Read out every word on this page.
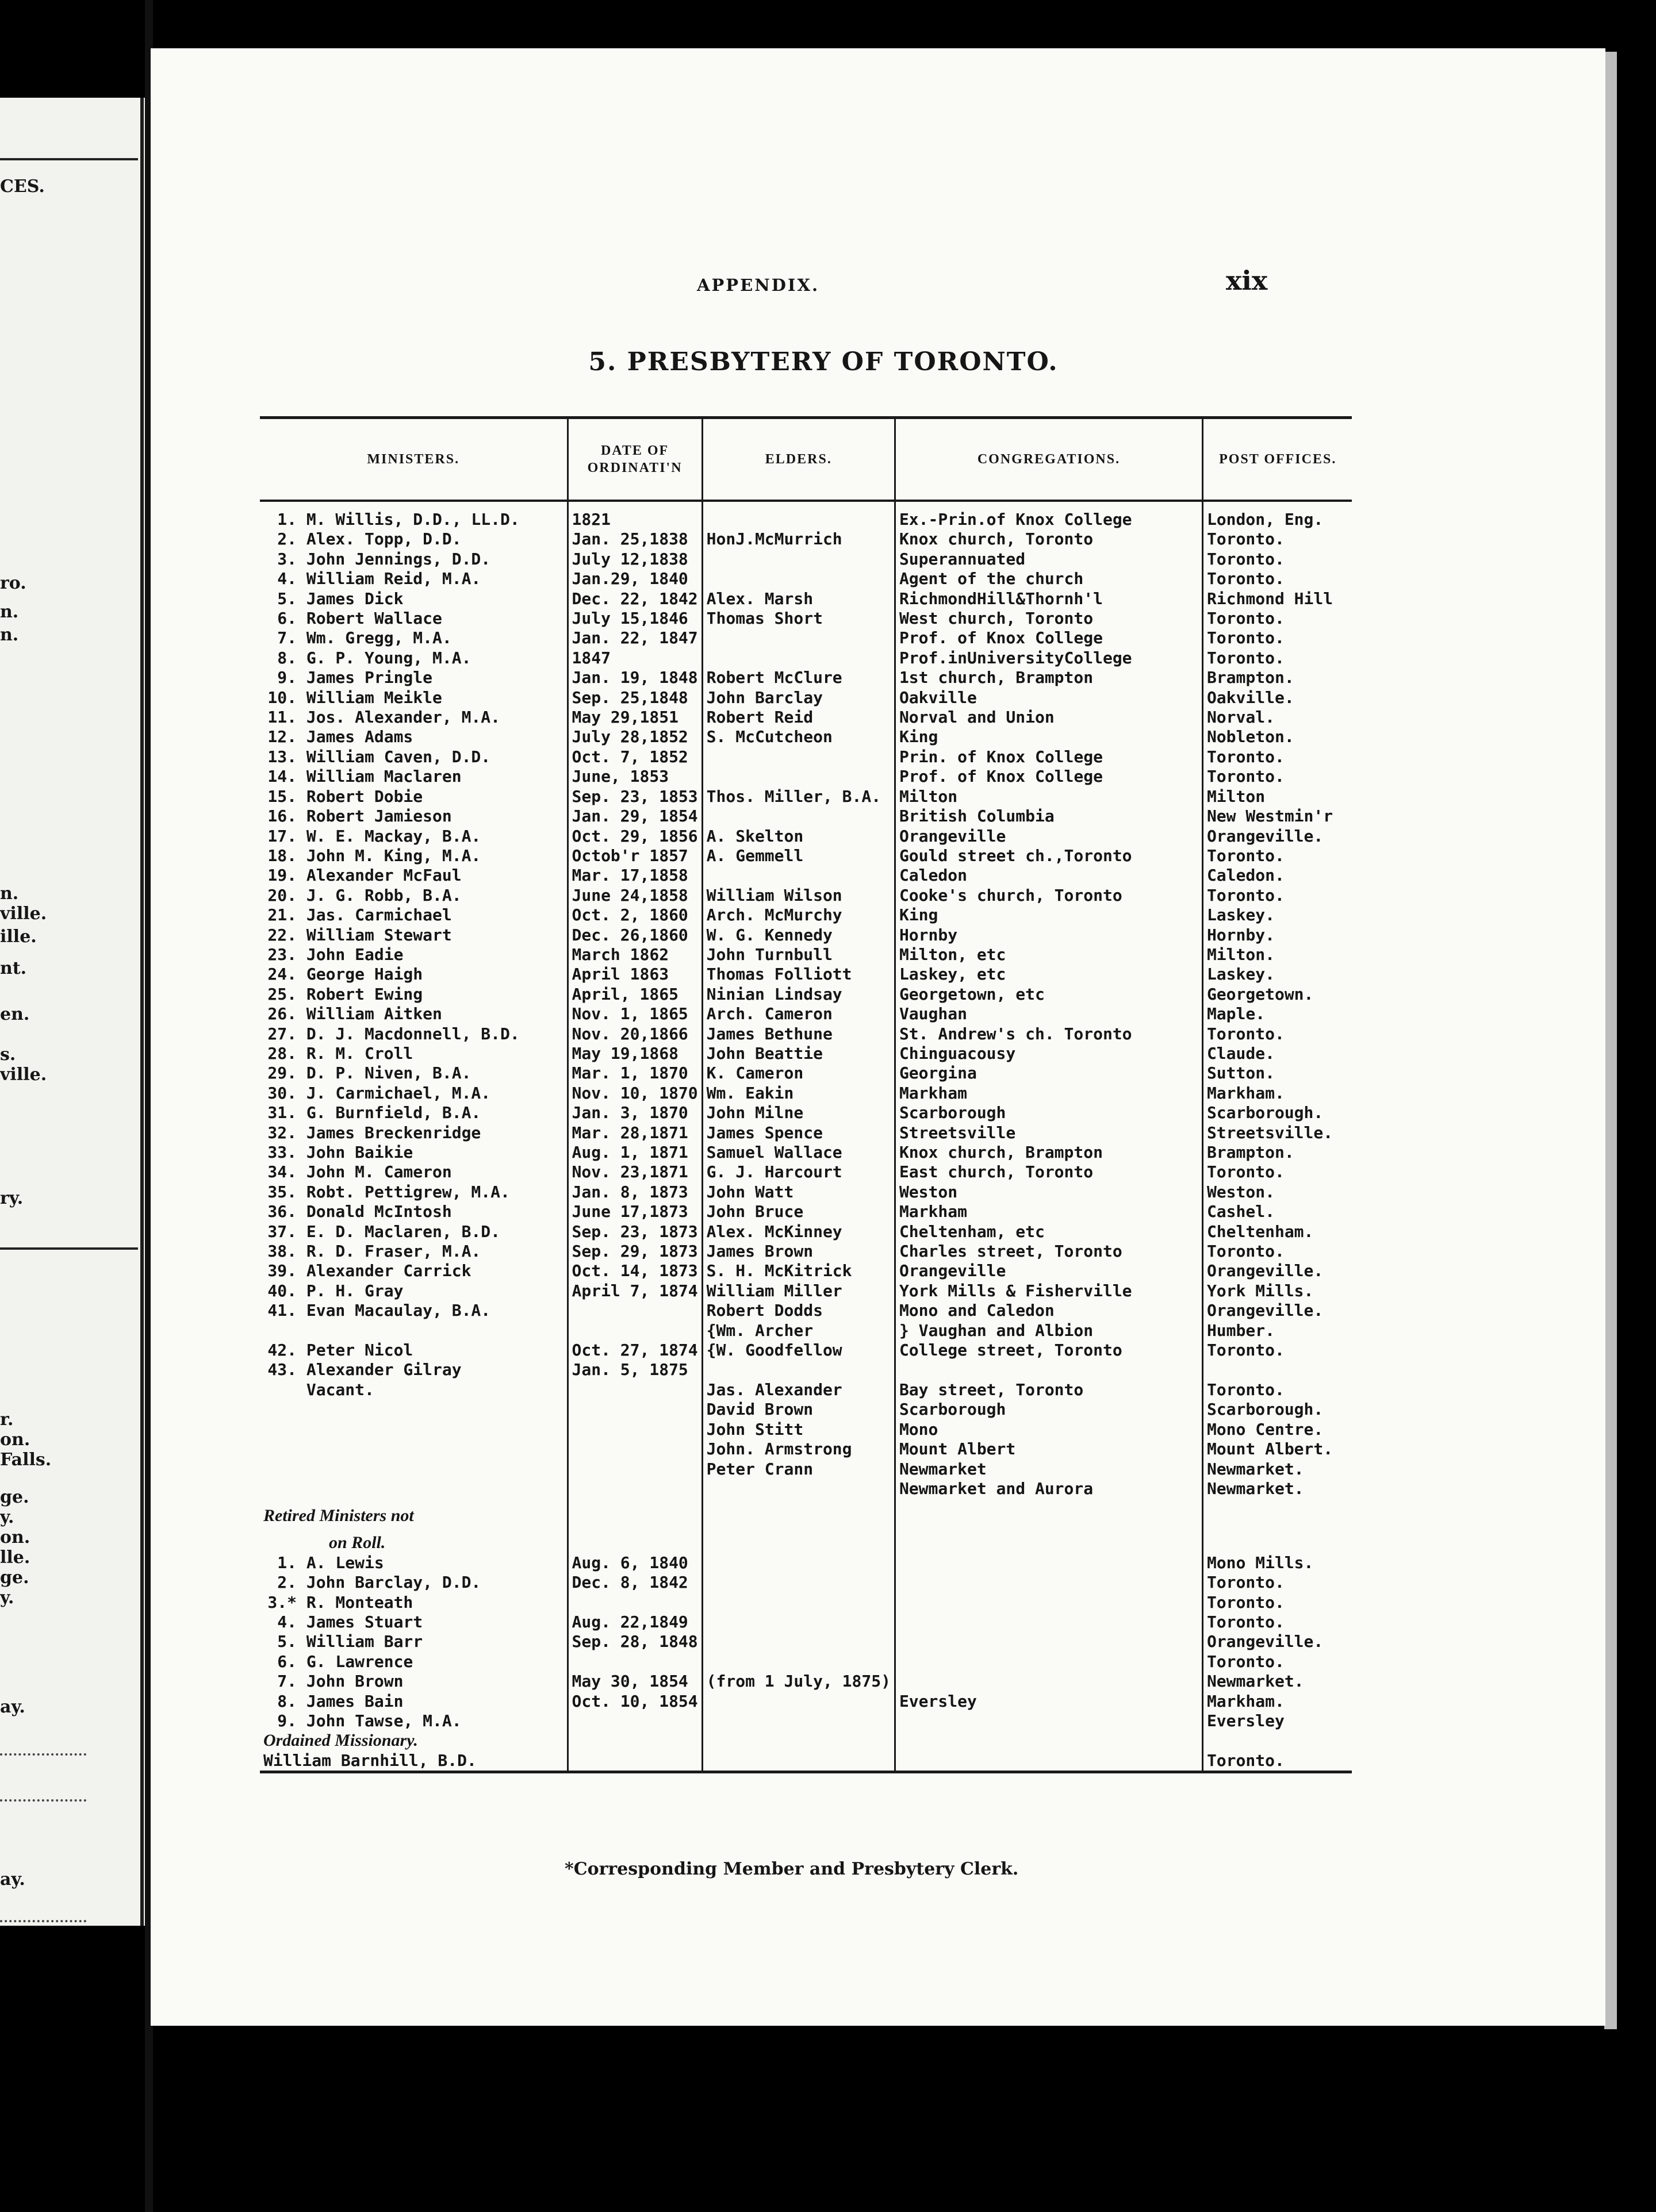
CES.
ro.
n.
n.
n.
ville.
ille.
nt.
en.
s.
ville.
ry.
r.
on.
Falls.
ge.
y.
on.
lle.
ge.
y.
ay.
ay.
APPENDIX.	xix
5. PRESBYTERY OF TORONTO.
MINISTERS.	DATE OF ORDINATI'N	ELDERS.	CONGREGATIONS.	POST OFFICES.
1. M. Willis, D.D., LL.D.	1821		Ex.-Prin.of Knox College	London, Eng.
2. Alex. Topp, D.D.	Jan. 25,1838	HonJ.McMurrich	Knox church, Toronto	Toronto.
3. John Jennings, D.D.	July 12,1838		Superannuated	Toronto.
4. William Reid, M.A.	Jan.29, 1840		Agent of the church	Toronto.
5. James Dick	Dec. 22, 1842	Alex. Marsh	RichmondHill&Thornh'l	Richmond Hill
6. Robert Wallace	July 15,1846	Thomas Short	West church, Toronto	Toronto.
7. Wm. Gregg, M.A.	Jan. 22, 1847		Prof. of Knox College	Toronto.
8. G. P. Young, M.A.	1847		Prof.inUniversityCollege	Toronto.
9. James Pringle	Jan. 19, 1848	Robert McClure	1st church, Brampton	Brampton.
10. William Meikle	Sep. 25,1848	John Barclay	Oakville	Oakville.
11. Jos. Alexander, M.A.	May 29,1851	Robert Reid	Norval and Union	Norval.
12. James Adams	July 28,1852	S. McCutcheon	King	Nobleton.
13. William Caven, D.D.	Oct. 7, 1852		Prin. of Knox College	Toronto.
14. William Maclaren	June, 1853		Prof. of Knox College	Toronto.
15. Robert Dobie	Sep. 23, 1853	Thos. Miller, B.A.	Milton	Milton
16. Robert Jamieson	Jan. 29, 1854		British Columbia	New Westmin'r
17. W. E. Mackay, B.A.	Oct. 29, 1856	A. Skelton	Orangeville	Orangeville.
18. John M. King, M.A.	Octob'r 1857	A. Gemmell	Gould street ch.,Toronto	Toronto.
19. Alexander McFaul	Mar. 17,1858		Caledon	Caledon.
20. J. G. Robb, B.A.	June 24,1858	William Wilson	Cooke's church, Toronto	Toronto.
21. Jas. Carmichael	Oct. 2, 1860	Arch. McMurchy	King	Laskey.
22. William Stewart	Dec. 26,1860	W. G. Kennedy	Hornby	Hornby.
23. John Eadie	March 1862	John Turnbull	Milton, etc	Milton.
24. George Haigh	April 1863	Thomas Folliott	Laskey, etc	Laskey.
25. Robert Ewing	April, 1865	Ninian Lindsay	Georgetown, etc	Georgetown.
26. William Aitken	Nov. 1, 1865	Arch. Cameron	Vaughan	Maple.
27. D. J. Macdonnell, B.D.	Nov. 20,1866	James Bethune	St. Andrew's ch. Toronto	Toronto.
28. R. M. Croll	May 19,1868	John Beattie	Chinguacousy	Claude.
29. D. P. Niven, B.A.	Mar. 1, 1870	K. Cameron	Georgina	Sutton.
30. J. Carmichael, M.A.	Nov. 10, 1870	Wm. Eakin	Markham	Markham.
31. G. Burnfield, B.A.	Jan. 3, 1870	John Milne	Scarborough	Scarborough.
32. James Breckenridge	Mar. 28,1871	James Spence	Streetsville	Streetsville.
33. John Baikie	Aug. 1, 1871	Samuel Wallace	Knox church, Brampton	Brampton.
34. John M. Cameron	Nov. 23,1871	G. J. Harcourt	East church, Toronto	Toronto.
35. Robt. Pettigrew, M.A.	Jan. 8, 1873	John Watt	Weston	Weston.
36. Donald McIntosh	June 17,1873	John Bruce	Markham	Cashel.
37. E. D. Maclaren, B.D.	Sep. 23, 1873	Alex. McKinney	Cheltenham, etc	Cheltenham.
38. R. D. Fraser, M.A.	Sep. 29, 1873	James Brown	Charles street, Toronto	Toronto.
39. Alexander Carrick	Oct. 14, 1873	S. H. McKitrick	Orangeville	Orangeville.
40. P. H. Gray	April 7, 1874	William Miller	York Mills & Fisherville	York Mills.
41. Evan Macaulay, B.A.		Robert Dodds	Mono and Caledon	Orangeville.
		{Wm. Archer	} Vaughan and Albion	Humber.
42. Peter Nicol	Oct. 27, 1874	{W. Goodfellow	College street, Toronto	Toronto.
43. Alexander Gilray	Jan. 5, 1875			
Vacant.		Jas. Alexander	Bay street, Toronto	Toronto.
		David Brown	Scarborough	Scarborough.
		John Stitt	Mono	Mono Centre.
		John. Armstrong	Mount Albert	Mount Albert.
		Peter Crann	Newmarket	Newmarket.
			Newmarket and Aurora	Newmarket.
Retired Ministers not				
on Roll.				
1. A. Lewis	Aug. 6, 1840			Mono Mills.
2. John Barclay, D.D.	Dec. 8, 1842			Toronto.
3.* R. Monteath				Toronto.
4. James Stuart	Aug. 22,1849			Toronto.
5. William Barr	Sep. 28, 1848			Orangeville.
6. G. Lawrence				Toronto.
7. John Brown	May 30, 1854	(from 1 July, 1875)		Newmarket.
8. James Bain	Oct. 10, 1854		Eversley	Markham.
9. John Tawse, M.A.				Eversley
Ordained Missionary.				
William Barnhill, B.D.				Toronto.
*Corresponding Member and Presbytery Clerk.
